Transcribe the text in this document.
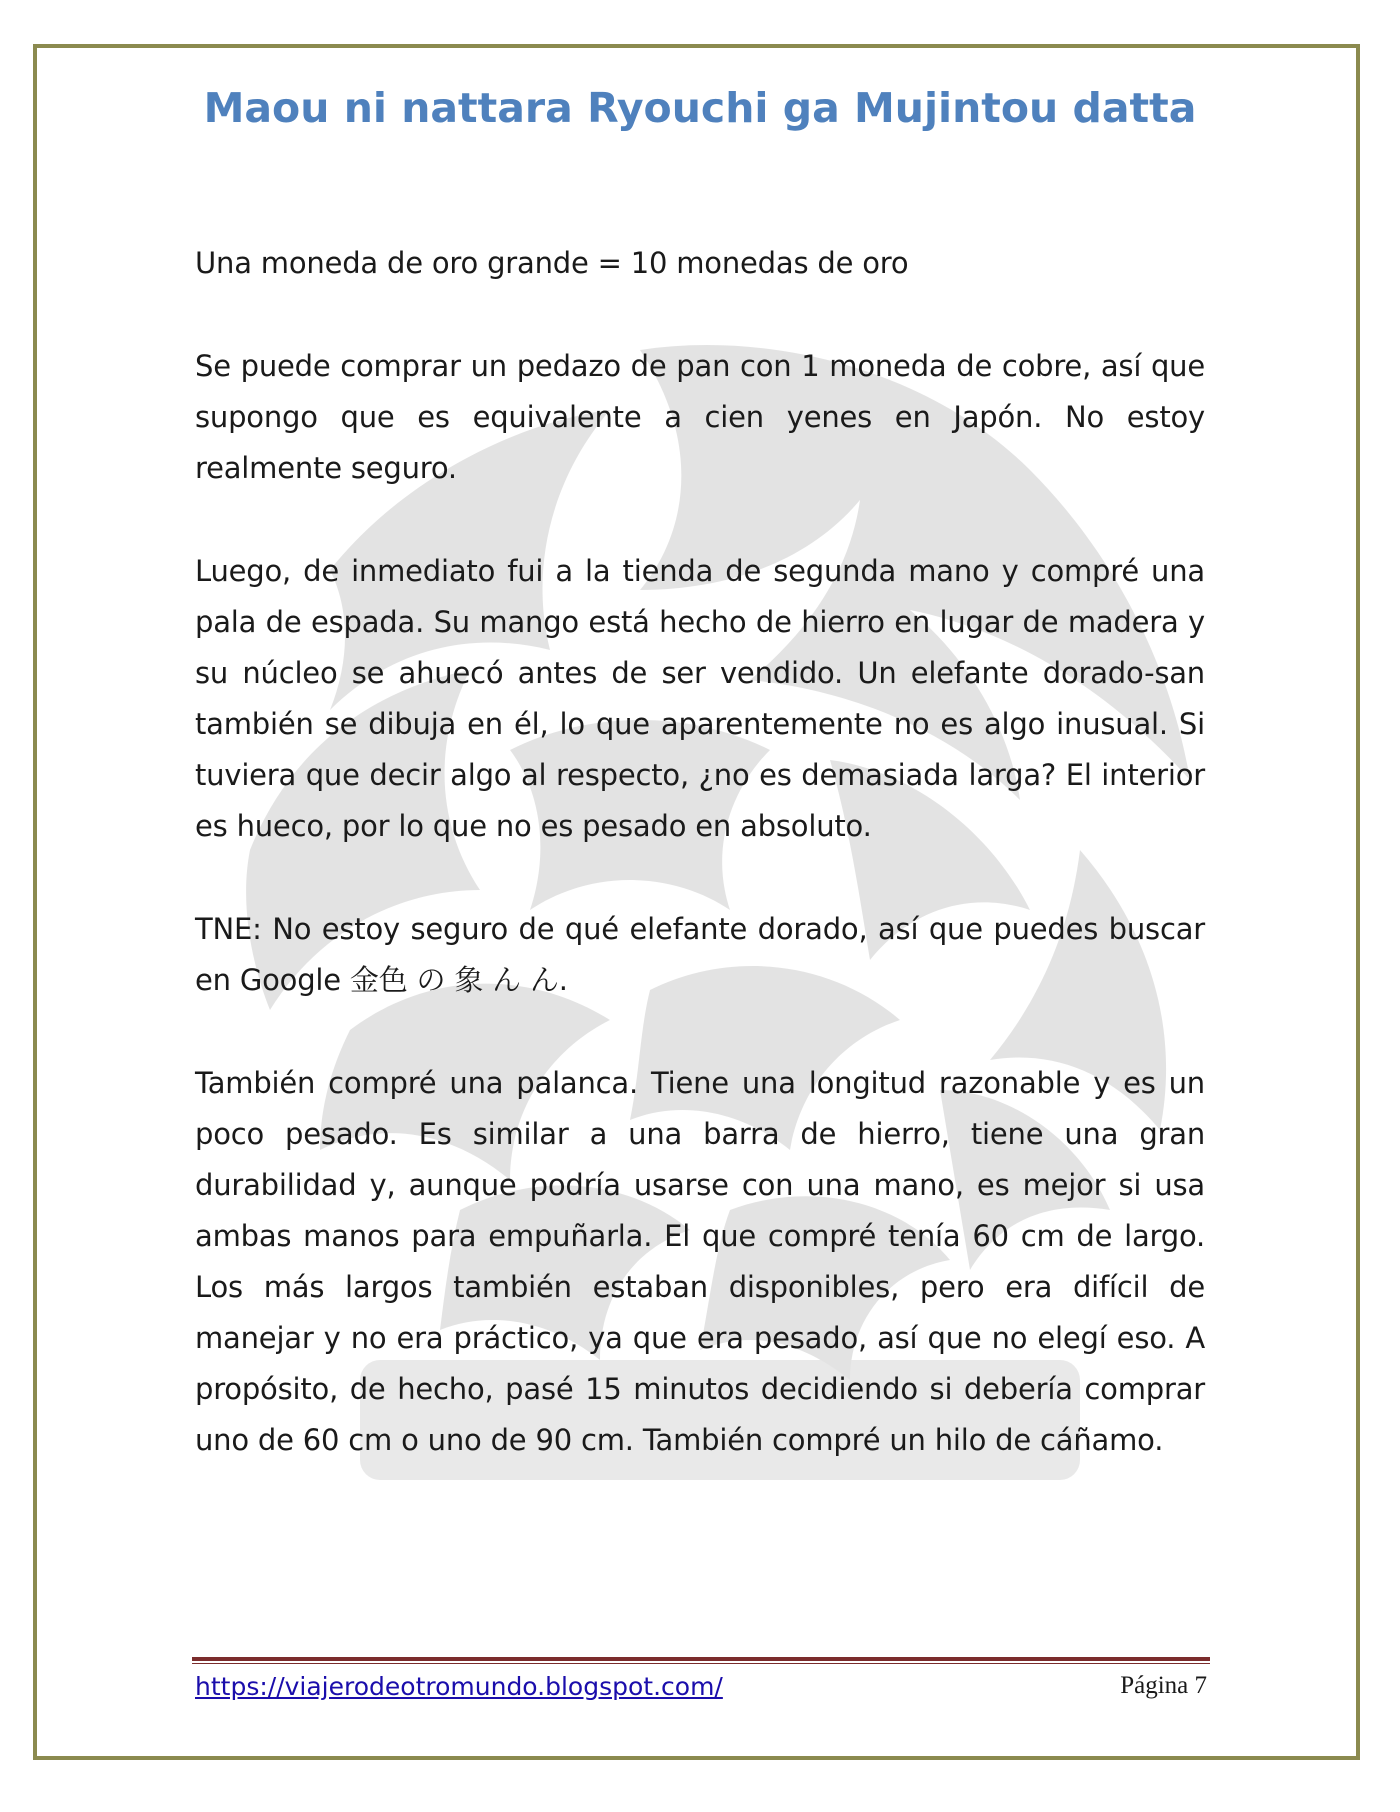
Maou ni nattara Ryouchi ga Mujintou datta

Una moneda de oro grande = 10 monedas de oro

Se puede comprar un pedazo de pan con 1 moneda de cobre, así que supongo que es equivalente a cien yenes en Japón. No estoy realmente seguro.

Luego, de inmediato fui a la tienda de segunda mano y compré una pala de espada. Su mango está hecho de hierro en lugar de madera y su núcleo se ahuecó antes de ser vendido. Un elefante dorado-san también se dibuja en él, lo que aparentemente no es algo inusual. Si tuviera que decir algo al respecto, ¿no es demasiada larga? El interior es hueco, por lo que no es pesado en absoluto.

TNE: No estoy seguro de qué elefante dorado, así que puedes buscar en Google 金色 の 象 ん ん.

También compré una palanca. Tiene una longitud razonable y es un poco pesado. Es similar a una barra de hierro, tiene una gran durabilidad y, aunque podría usarse con una mano, es mejor si usa ambas manos para empuñarla. El que compré tenía 60 cm de largo. Los más largos también estaban disponibles, pero era difícil de manejar y no era práctico, ya que era pesado, así que no elegí eso. A propósito, de hecho, pasé 15 minutos decidiendo si debería comprar uno de 60 cm o uno de 90 cm. También compré un hilo de cáñamo.

https://viajerodeotromundo.blogspot.com/	Página 7
